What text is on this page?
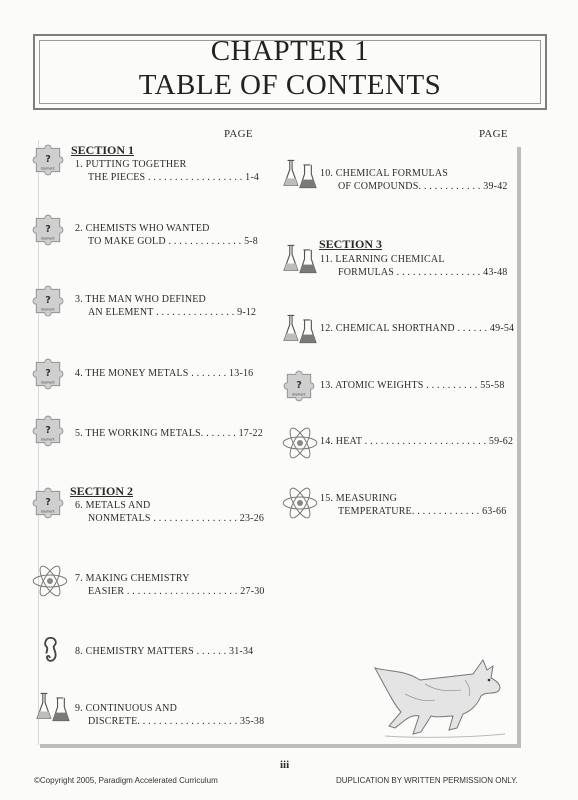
CHAPTER 1
TABLE OF CONTENTS
PAGE	PAGE
SECTION 1
SECTION 2
SECTION 3
1. PUTTING TOGETHER
THE PIECES . . . . . . . . . . . . . . . . . . 1-4
2. CHEMISTS WHO WANTED
TO MAKE GOLD . . . . . . . . . . . . . . 5-8
3. THE MAN WHO DEFINED
AN ELEMENT . . . . . . . . . . . . . . . 9-12
4. THE MONEY METALS . . . . . . . 13-16
5. THE WORKING METALS. . . . . . . 17-22
6. METALS AND
NONMETALS . . . . . . . . . . . . . . . . 23-26
7. MAKING CHEMISTRY
EASIER . . . . . . . . . . . . . . . . . . . . . 27-30
8. CHEMISTRY MATTERS . . . . . . 31-34
9. CONTINUOUS AND
DISCRETE. . . . . . . . . . . . . . . . . . . 35-38
10. CHEMICAL FORMULAS
OF COMPOUNDS. . . . . . . . . . . . 39-42
11. LEARNING CHEMICAL
FORMULAS . . . . . . . . . . . . . . . . 43-48
12. CHEMICAL SHORTHAND . . . . . . 49-54
13. ATOMIC WEIGHTS . . . . . . . . . . 55-58
14. HEAT . . . . . . . . . . . . . . . . . . . . . . . 59-62
15. MEASURING
TEMPERATURE. . . . . . . . . . . . . 63-66
iii
©Copyright 2005, Paradigm Accelerated Curriculum	DUPLICATION BY WRITTEN PERMISSION ONLY.
